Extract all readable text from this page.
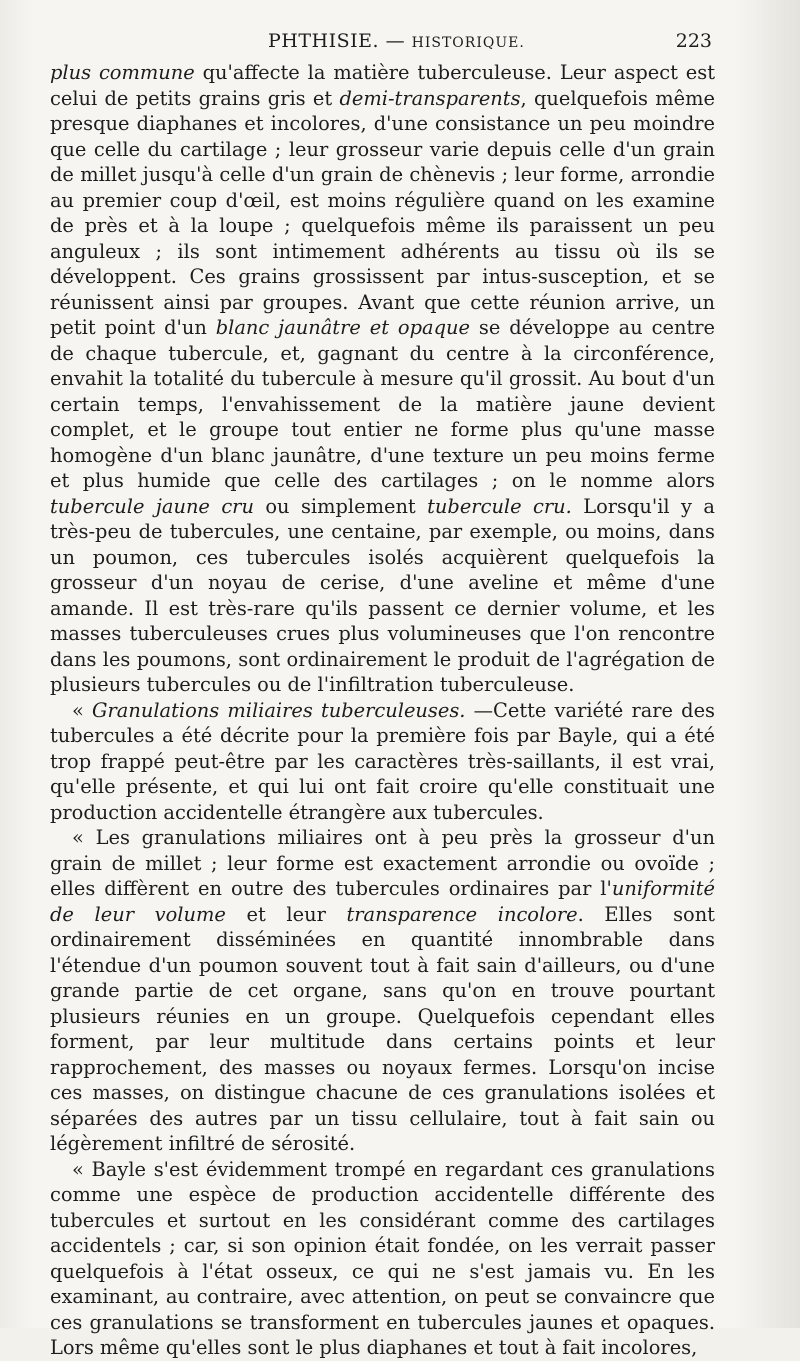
PHTHISIE. — HISTORIQUE.	223

plus commune qu'affecte la matière tuberculeuse. Leur aspect est celui de petits grains gris et demi-transparents, quelquefois même presque diaphanes et incolores, d'une consistance un peu moindre que celle du cartilage ; leur grosseur varie depuis celle d'un grain de millet jusqu'à celle d'un grain de chènevis ; leur forme, arrondie au premier coup d'œil, est moins régulière quand on les examine de près et à la loupe ; quelquefois même ils paraissent un peu anguleux ; ils sont intimement adhérents au tissu où ils se développent. Ces grains grossissent par intus-susception, et se réunissent ainsi par groupes. Avant que cette réunion arrive, un petit point d'un blanc jaunâtre et opaque se développe au centre de chaque tubercule, et, gagnant du centre à la circonférence, envahit la totalité du tubercule à mesure qu'il grossit. Au bout d'un certain temps, l'envahissement de la matière jaune devient complet, et le groupe tout entier ne forme plus qu'une masse homogène d'un blanc jaunâtre, d'une texture un peu moins ferme et plus humide que celle des cartilages ; on le nomme alors tubercule jaune cru ou simplement tubercule cru. Lorsqu'il y a très-peu de tubercules, une centaine, par exemple, ou moins, dans un poumon, ces tubercules isolés acquièrent quelquefois la grosseur d'un noyau de cerise, d'une aveline et même d'une amande. Il est très-rare qu'ils passent ce dernier volume, et les masses tuberculeuses crues plus volumineuses que l'on rencontre dans les poumons, sont ordinairement le produit de l'agrégation de plusieurs tubercules ou de l'infiltration tuberculeuse.

« Granulations miliaires tuberculeuses. —Cette variété rare des tubercules a été décrite pour la première fois par Bayle, qui a été trop frappé peut-être par les caractères très-saillants, il est vrai, qu'elle présente, et qui lui ont fait croire qu'elle constituait une production accidentelle étrangère aux tubercules.

« Les granulations miliaires ont à peu près la grosseur d'un grain de millet ; leur forme est exactement arrondie ou ovoïde ; elles diffèrent en outre des tubercules ordinaires par l'uniformité de leur volume et leur transparence incolore. Elles sont ordinairement disséminées en quantité innombrable dans l'étendue d'un poumon souvent tout à fait sain d'ailleurs, ou d'une grande partie de cet organe, sans qu'on en trouve pourtant plusieurs réunies en un groupe. Quelquefois cependant elles forment, par leur multitude dans certains points et leur rapprochement, des masses ou noyaux fermes. Lorsqu'on incise ces masses, on distingue chacune de ces granulations isolées et séparées des autres par un tissu cellulaire, tout à fait sain ou légèrement infiltré de sérosité.

« Bayle s'est évidemment trompé en regardant ces granulations comme une espèce de production accidentelle différente des tubercules et surtout en les considérant comme des cartilages accidentels ; car, si son opinion était fondée, on les verrait passer quelquefois à l'état osseux, ce qui ne s'est jamais vu. En les examinant, au contraire, avec attention, on peut se convaincre que ces granulations se transforment en tubercules jaunes et opaques. Lors même qu'elles sont le plus diaphanes et tout à fait incolores,
